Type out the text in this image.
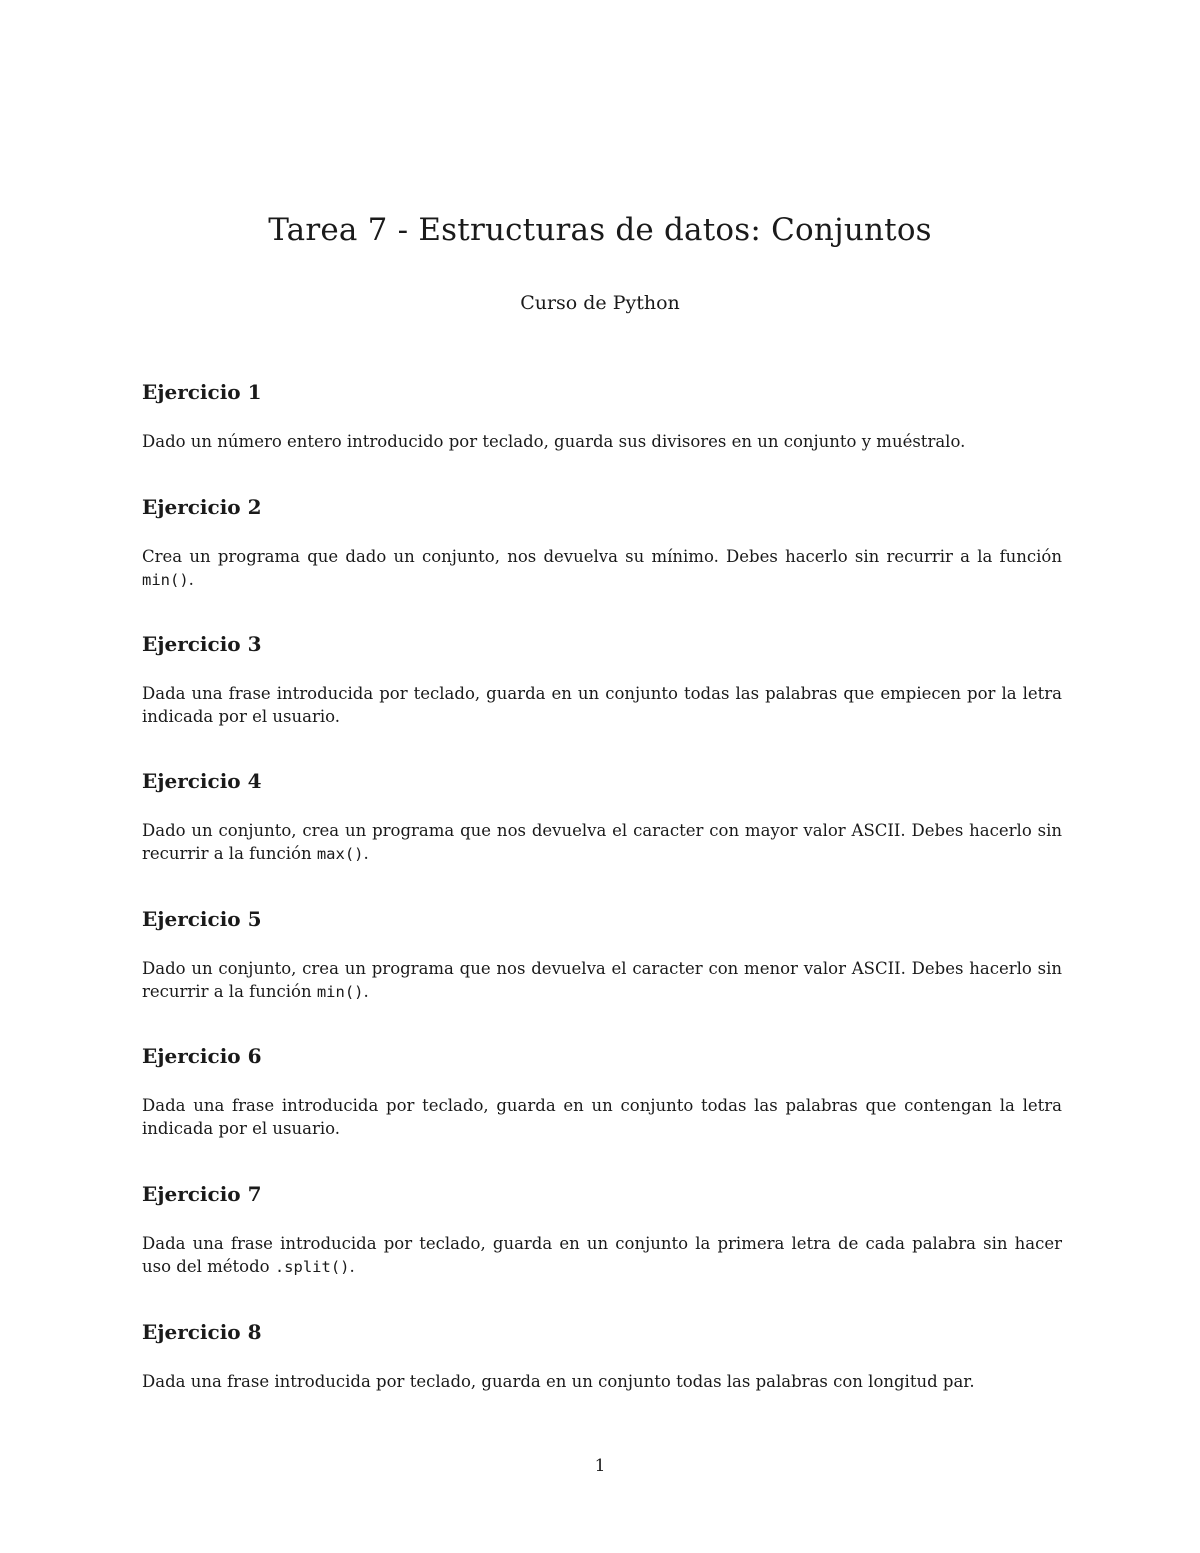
Tarea 7 - Estructuras de datos: Conjuntos
Curso de Python
Ejercicio 1

Dado un número entero introducido por teclado, guarda sus divisores en un conjunto y muéstralo.

Ejercicio 2

Crea un programa que dado un conjunto, nos devuelva su mínimo. Debes hacerlo sin recurrir a la función min().

Ejercicio 3

Dada una frase introducida por teclado, guarda en un conjunto todas las palabras que empiecen por la letra indicada por el usuario.

Ejercicio 4

Dado un conjunto, crea un programa que nos devuelva el caracter con mayor valor ASCII. Debes hacerlo sin recurrir a la función max().

Ejercicio 5

Dado un conjunto, crea un programa que nos devuelva el caracter con menor valor ASCII. Debes hacerlo sin recurrir a la función min().

Ejercicio 6

Dada una frase introducida por teclado, guarda en un conjunto todas las palabras que contengan la letra indicada por el usuario.

Ejercicio 7

Dada una frase introducida por teclado, guarda en un conjunto la primera letra de cada palabra sin hacer uso del método .split().

Ejercicio 8

Dada una frase introducida por teclado, guarda en un conjunto todas las palabras con longitud par.

1
